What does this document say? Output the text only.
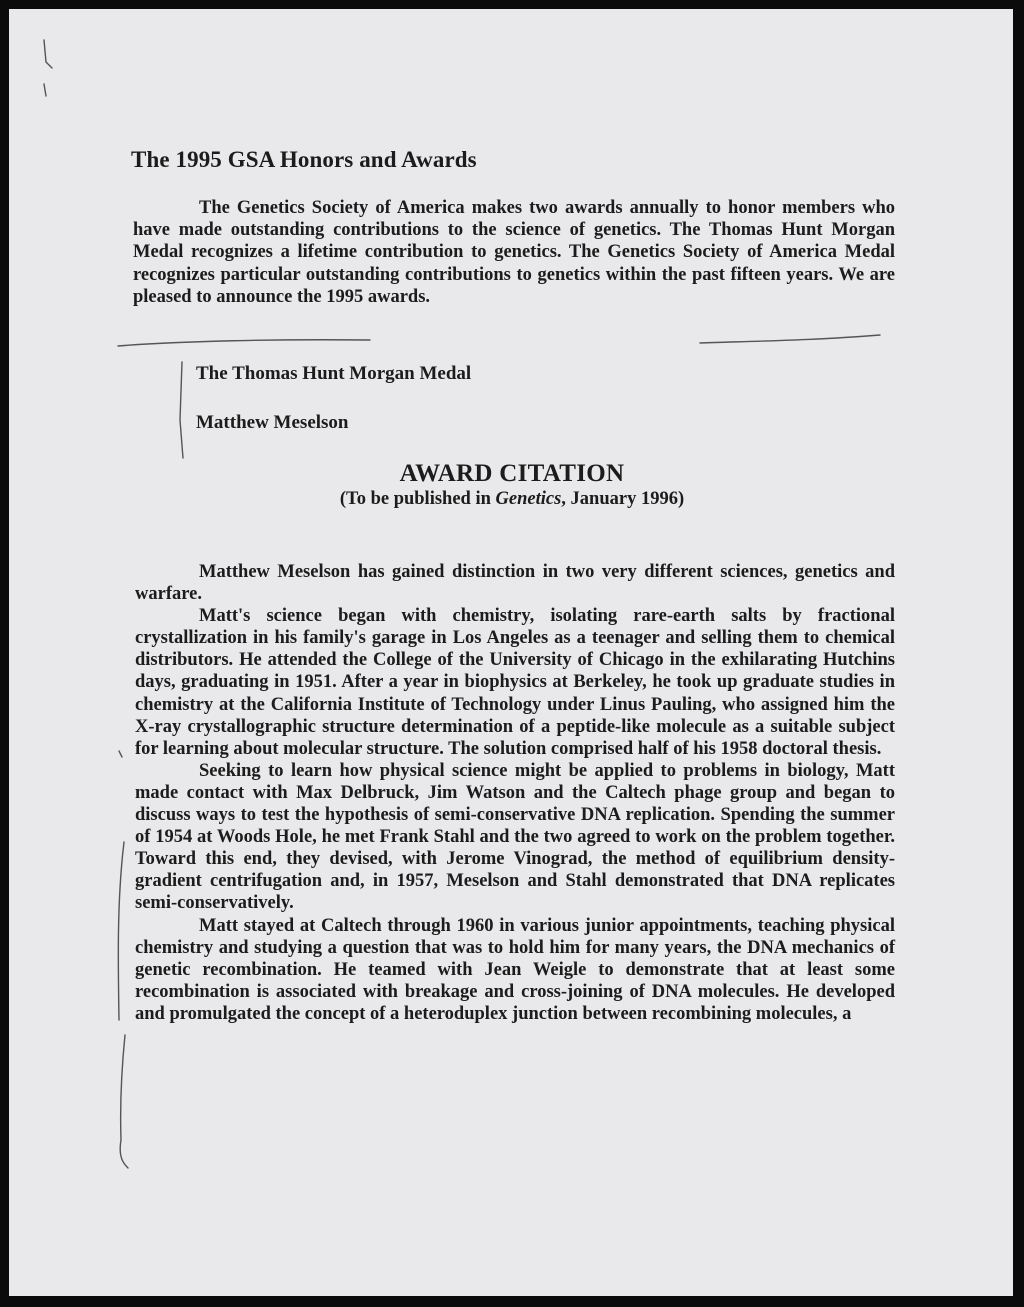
The 1995 GSA Honors and Awards

The Genetics Society of America makes two awards annually to honor members who have made outstanding contributions to the science of genetics. The Thomas Hunt Morgan Medal recognizes a lifetime contribution to genetics. The Genetics Society of America Medal recognizes particular outstanding contributions to genetics within the past fifteen years. We are pleased to announce the 1995 awards.

The Thomas Hunt Morgan Medal

Matthew Meselson

AWARD CITATION

(To be published in Genetics, January 1996)

Matthew Meselson has gained distinction in two very different sciences, genetics and warfare.

Matt's science began with chemistry, isolating rare-earth salts by fractional crystallization in his family's garage in Los Angeles as a teenager and selling them to chemical distributors. He attended the College of the University of Chicago in the exhilarating Hutchins days, graduating in 1951. After a year in biophysics at Berkeley, he took up graduate studies in chemistry at the California Institute of Technology under Linus Pauling, who assigned him the X-ray crystallographic structure determination of a peptide-like molecule as a suitable subject for learning about molecular structure. The solution comprised half of his 1958 doctoral thesis.

Seeking to learn how physical science might be applied to problems in biology, Matt made contact with Max Delbruck, Jim Watson and the Caltech phage group and began to discuss ways to test the hypothesis of semi-conservative DNA replication. Spending the summer of 1954 at Woods Hole, he met Frank Stahl and the two agreed to work on the problem together. Toward this end, they devised, with Jerome Vinograd, the method of equilibrium density-gradient centrifugation and, in 1957, Meselson and Stahl demonstrated that DNA replicates semi-conservatively.

Matt stayed at Caltech through 1960 in various junior appointments, teaching physical chemistry and studying a question that was to hold him for many years, the DNA mechanics of genetic recombination. He teamed with Jean Weigle to demonstrate that at least some recombination is associated with breakage and cross-joining of DNA molecules. He developed and promulgated the concept of a heteroduplex junction between recombining molecules, a
